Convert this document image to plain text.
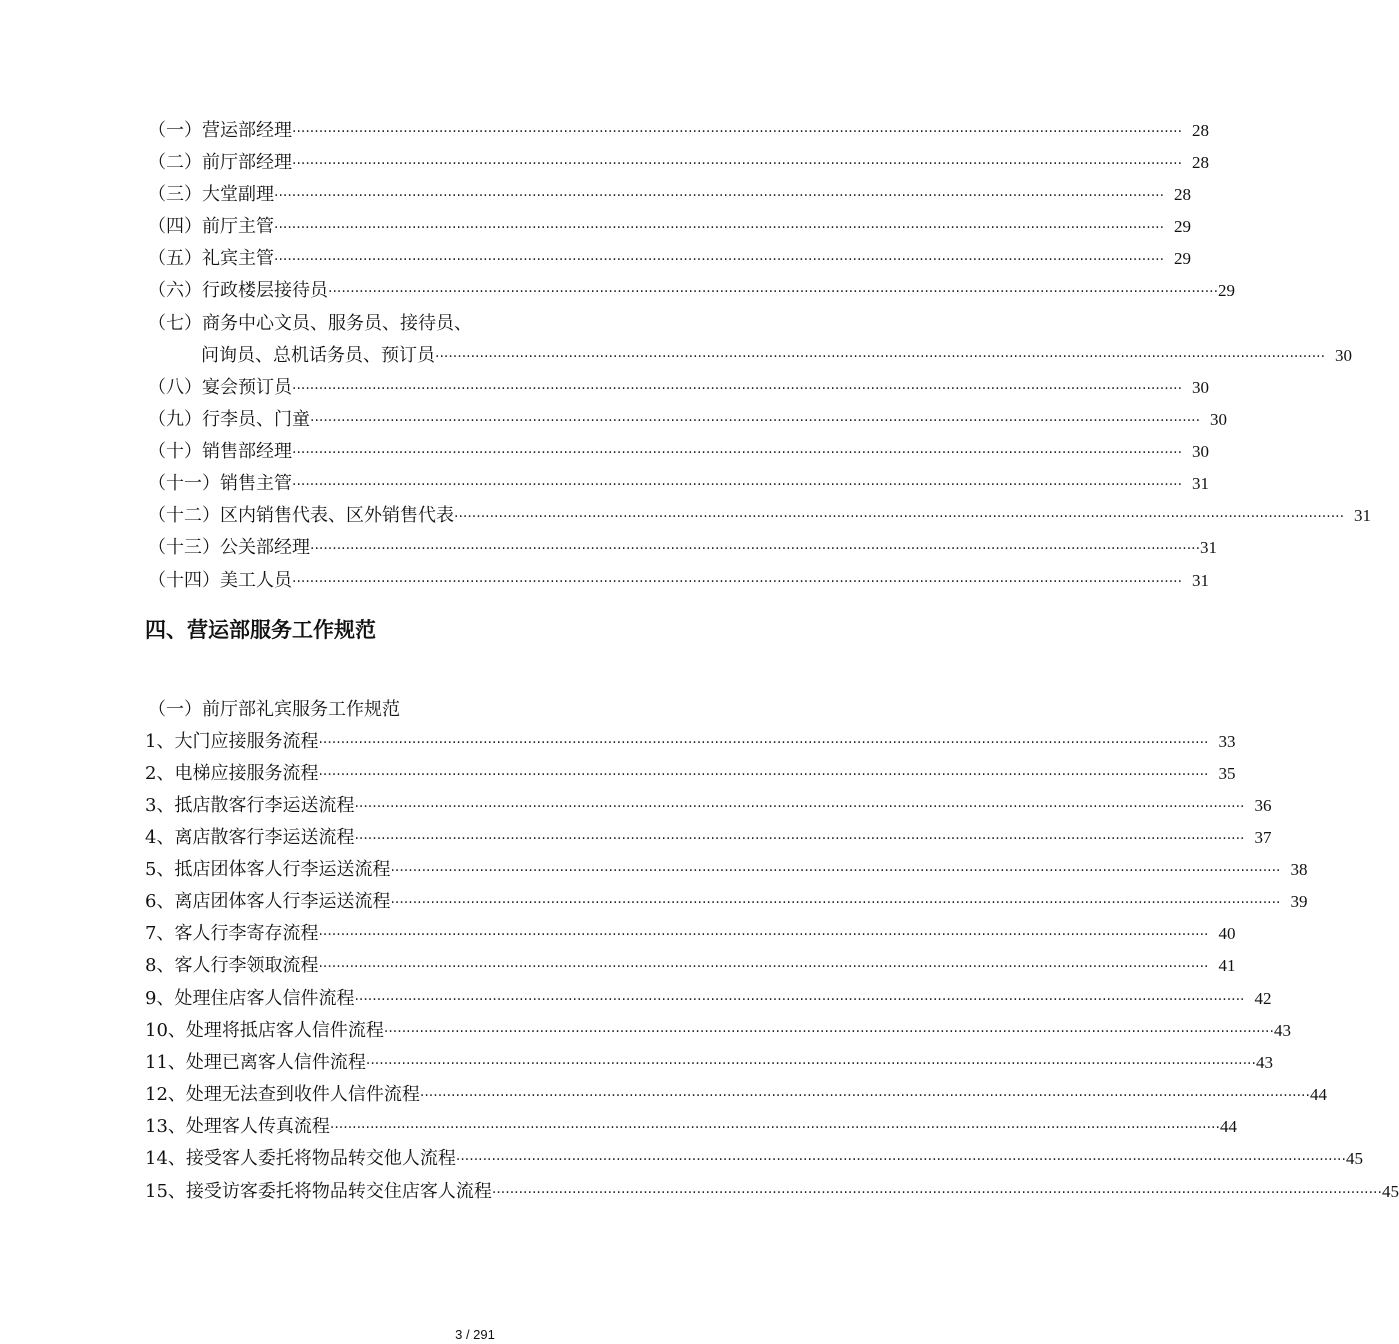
（一）营运部经理 ········································································································································································································ 28
（二）前厅部经理 ········································································································································································································ 28
（三）大堂副理 ········································································································································································································ 28
（四）前厅主管 ········································································································································································································ 29
（五）礼宾主管 ········································································································································································································ 29
（六）行政楼层接待员 ········································································································································································································ 29
（七）商务中心文员、服务员、接待员、
问询员、总机话务员、预订员 ········································································································································································································ 30
（八）宴会预订员 ········································································································································································································ 30
（九）行李员、门童 ········································································································································································································ 30
（十）销售部经理 ········································································································································································································ 30
（十一）销售主管 ········································································································································································································ 31
（十二）区内销售代表、区外销售代表 ········································································································································································································ 31
（十三）公关部经理 ········································································································································································································ 31
（十四）美工人员 ········································································································································································································ 31
四、营运部服务工作规范
（一）前厅部礼宾服务工作规范
1、大门应接服务流程 ········································································································································································································ 33
2、电梯应接服务流程 ········································································································································································································ 35
3、抵店散客行李运送流程 ········································································································································································································ 36
4、离店散客行李运送流程 ········································································································································································································ 37
5、抵店团体客人行李运送流程 ········································································································································································································ 38
6、离店团体客人行李运送流程 ········································································································································································································ 39
7、客人行李寄存流程 ········································································································································································································ 40
8、客人行李领取流程 ········································································································································································································ 41
9、处理住店客人信件流程 ········································································································································································································ 42
10、处理将抵店客人信件流程 ········································································································································································································ 43
11、处理已离客人信件流程 ········································································································································································································ 43
12、处理无法查到收件人信件流程 ········································································································································································································ 44
13、处理客人传真流程 ········································································································································································································ 44
14、接受客人委托将物品转交他人流程 ········································································································································································································ 45
15、接受访客委托将物品转交住店客人流程 ········································································································································································································ 45
3 / 291
